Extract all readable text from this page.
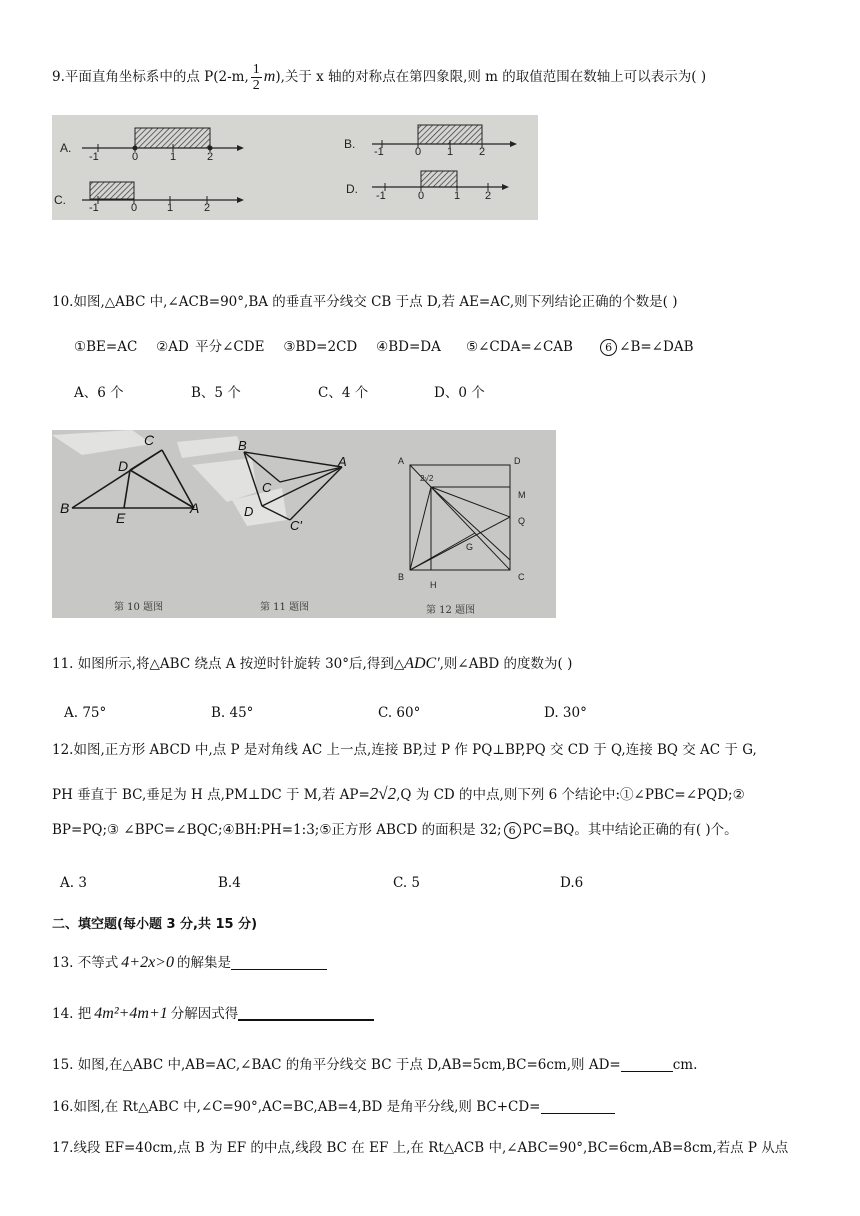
9.平面直角坐标系中的点 P(2-m, $\frac{1}{2} m$),关于 x 轴的对称点在第四象限,则 m 的取值范围在数轴上可以表示为( )
A.
-1	0	1	2
B.
-1	0 1 2
C.
-1	0	1	2
D. -1	0	1 2
10.如图,△ABC 中,∠ACB=90°,BA 的垂直平分线交 CB 于点 D,若 AE=AC,则下列结论正确的个数是( )
①BE=AC ②AD 平分∠CDE ③BD=2CD ④BD=DA ⑤∠CDA=∠CAB	6 ∠B=∠DAB
A、6 个	B、5 个	C、4 个	D、0 个
C
D
B
E
A
B
A
C
D
C'
A	D
M
Q
G
B
H
C
2√2
第 10 题图	第 11 题图	第 12 题图
11. 如图所示,将△ABC 绕点 A 按逆时针旋转 30°后,得到△ADC',则∠ABD 的度数为( )
A. 75°	B. 45°	C. 60°	D. 30°
12.如图,正方形 ABCD 中,点 P 是对角线 AC 上一点,连接 BP,过 P 作 PQ⊥BP,PQ 交 CD 于 Q,连接 BQ 交 AC 于 G,
PH 垂直于 BC,垂足为 H 点,PM⊥DC 于 M,若 AP=2√2,Q 为 CD 的中点,则下列 6 个结论中:①∠PBC=∠PQD;②
BP=PQ;③ ∠BPC=∠BQC;④BH:PH=1:3;⑤正方形 ABCD 的面积是 32; 6 PC=BQ。其中结论正确的有( )个。
A. 3	B.4	C. 5	D.6
二、填空题(每小题 3 分,共 15 分)
13. 不等式 4+2x>0 的解集是
14. 把 4m²+4m+1 分解因式得
15. 如图,在△ABC 中,AB=AC,∠BAC 的角平分线交 BC 于点 D,AB=5cm,BC=6cm,则 AD=	cm.
16.如图,在 Rt△ABC 中,∠C=90°,AC=BC,AB=4,BD 是角平分线,则 BC+CD=
17.线段 EF=40cm,点 B 为 EF 的中点,线段 BC 在 EF 上,在 Rt△ACB 中,∠ABC=90°,BC=6cm,AB=8cm,若点 P 从点
